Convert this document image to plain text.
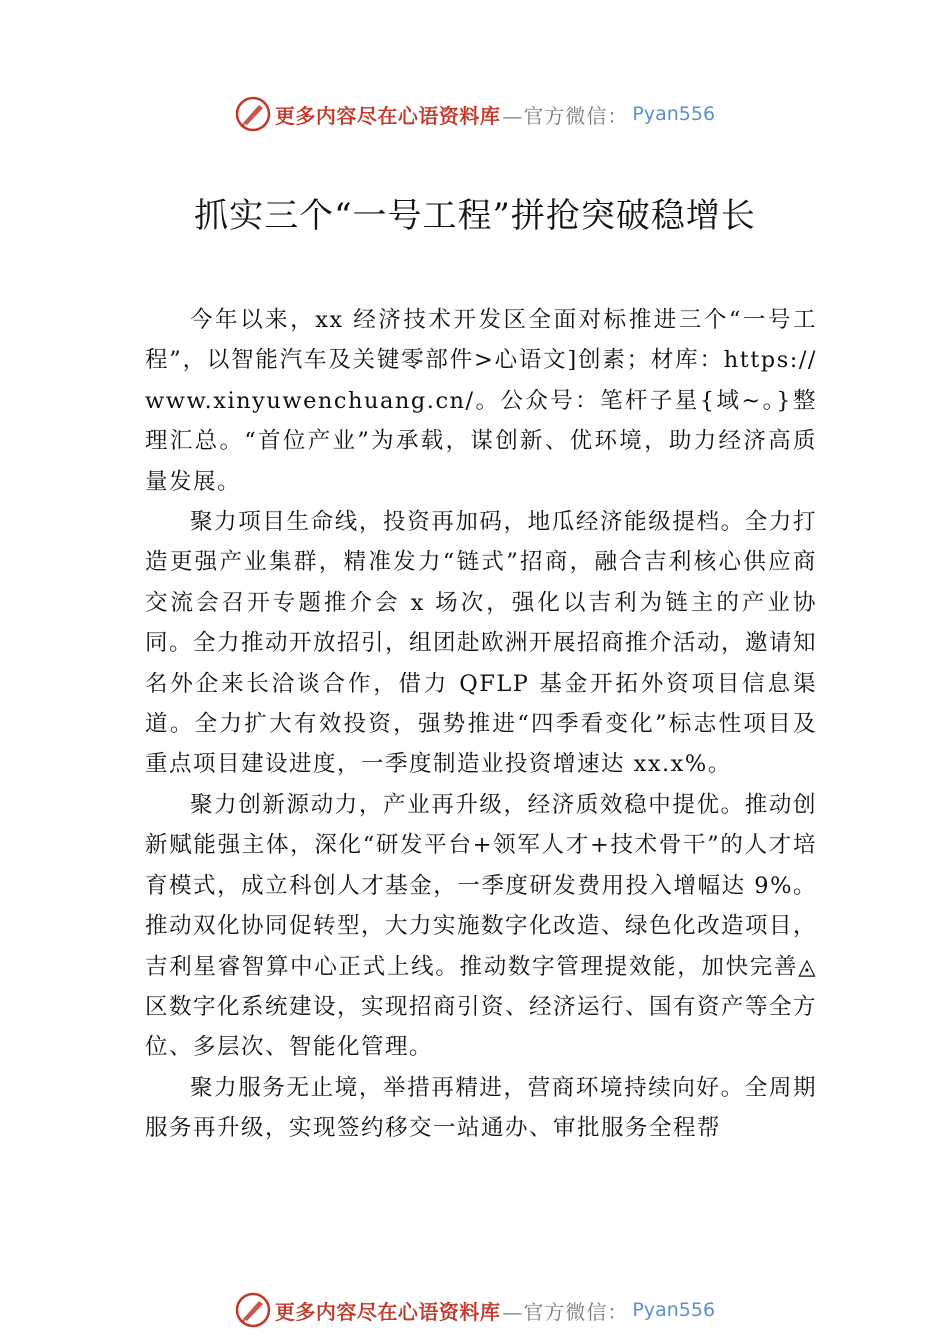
更多内容尽在心语资料库 —官方微信： Pyan556
抓实三个“一号工程”拼抢突破稳增长

今年以来，xx 经济技术开发区全面对标推进三个“一号工程”，以智能汽车及关键零部件>心语文]创素；材库：https://www.xinyuwenchuang.cn/。公众号：笔杆子星{域~。}整理汇总。“首位产业”为承载，谋创新、优环境，助力经济高质量发展。

聚力项目生命线，投资再加码，地瓜经济能级提档。全力打造更强产业集群，精准发力“链式”招商，融合吉利核心供应商交流会召开专题推介会 x 场次，强化以吉利为链主的产业协同。全力推动开放招引，组团赴欧洲开展招商推介活动，邀请知名外企来长洽谈合作，借力 QFLP 基金开拓外资项目信息渠道。全力扩大有效投资，强势推进“四季看变化”标志性项目及重点项目建设进度，一季度制造业投资增速达 xx.x%。

聚力创新源动力，产业再升级，经济质效稳中提优。推动创新赋能强主体，深化“研发平台+领军人才+技术骨干”的人才培育模式，成立科创人才基金，一季度研发费用投入增幅达 9%。推动双化协同促转型，大力实施数字化改造、绿色化改造项目，吉利星睿智算中心正式上线。推动数字管理提效能，加快完善◬区数字化系统建设，实现招商引资、经济运行、国有资产等全方位、多层次、智能化管理。

聚力服务无止境，举措再精进，营商环境持续向好。全周期服务再升级，实现签约移交一站通办、审批服务全程帮

更多内容尽在心语资料库 —官方微信： Pyan556
